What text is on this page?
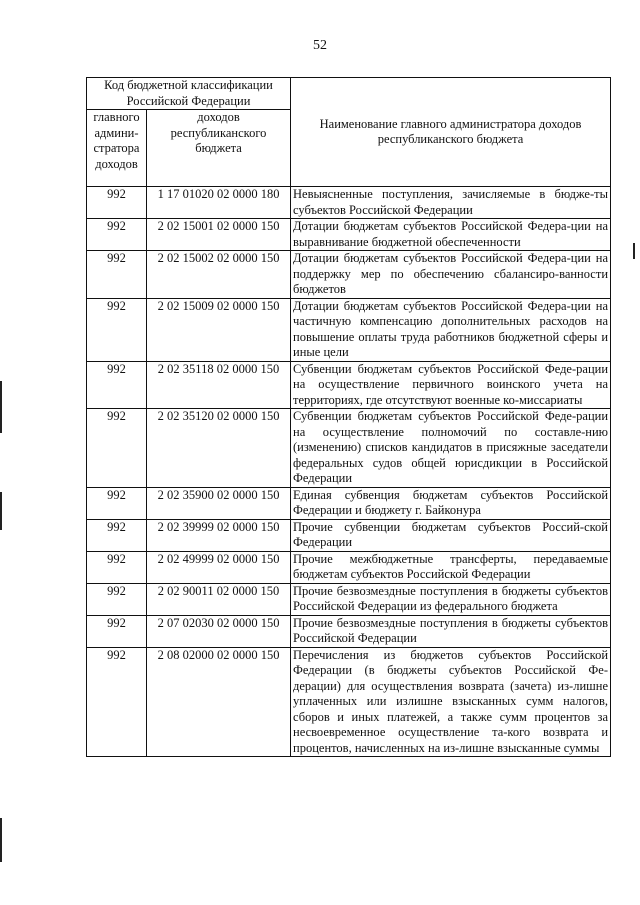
52
Код бюджетной классификации Российской Федерации		Наименование главного администратора доходов республиканского бюджета
главного админи-стратора доходов	доходов республиканского бюджета	
992	1 17 01020 02 0000 180	Невыясненные поступления, зачисляемые в бюдже-ты субъектов Российской Федерации
992	2 02 15001 02 0000 150	Дотации бюджетам субъектов Российской Федера-ции на выравнивание бюджетной обеспеченности
992	2 02 15002 02 0000 150	Дотации бюджетам субъектов Российской Федера-ции на поддержку мер по обеспечению сбалансиро-ванности бюджетов
992	2 02 15009 02 0000 150	Дотации бюджетам субъектов Российской Федера-ции на частичную компенсацию дополнительных расходов на повышение оплаты труда работников бюджетной сферы и иные цели
992	2 02 35118 02 0000 150	Субвенции бюджетам субъектов Российской Феде-рации на осуществление первичного воинского учета на территориях, где отсутствуют военные ко-миссариаты
992	2 02 35120 02 0000 150	Субвенции бюджетам субъектов Российской Феде-рации на осуществление полномочий по составле-нию (изменению) списков кандидатов в присяжные заседатели федеральных судов общей юрисдикции в Российской Федерации
992	2 02 35900 02 0000 150	Единая субвенция бюджетам субъектов Российской Федерации и бюджету г. Байконура
992	2 02 39999 02 0000 150	Прочие субвенции бюджетам субъектов Россий-ской Федерации
992	2 02 49999 02 0000 150	Прочие межбюджетные трансферты, передаваемые бюджетам субъектов Российской Федерации
992	2 02 90011 02 0000 150	Прочие безвозмездные поступления в бюджеты субъектов Российской Федерации из федерального бюджета
992	2 07 02030 02 0000 150	Прочие безвозмездные поступления в бюджеты субъектов Российской Федерации
992	2 08 02000 02 0000 150	Перечисления из бюджетов субъектов Российской Федерации (в бюджеты субъектов Российской Фе-дерации) для осуществления возврата (зачета) из-лишне уплаченных или излишне взысканных сумм налогов, сборов и иных платежей, а также сумм процентов за несвоевременное осуществление та-кого возврата и процентов, начисленных на из-лишне взысканные суммы
